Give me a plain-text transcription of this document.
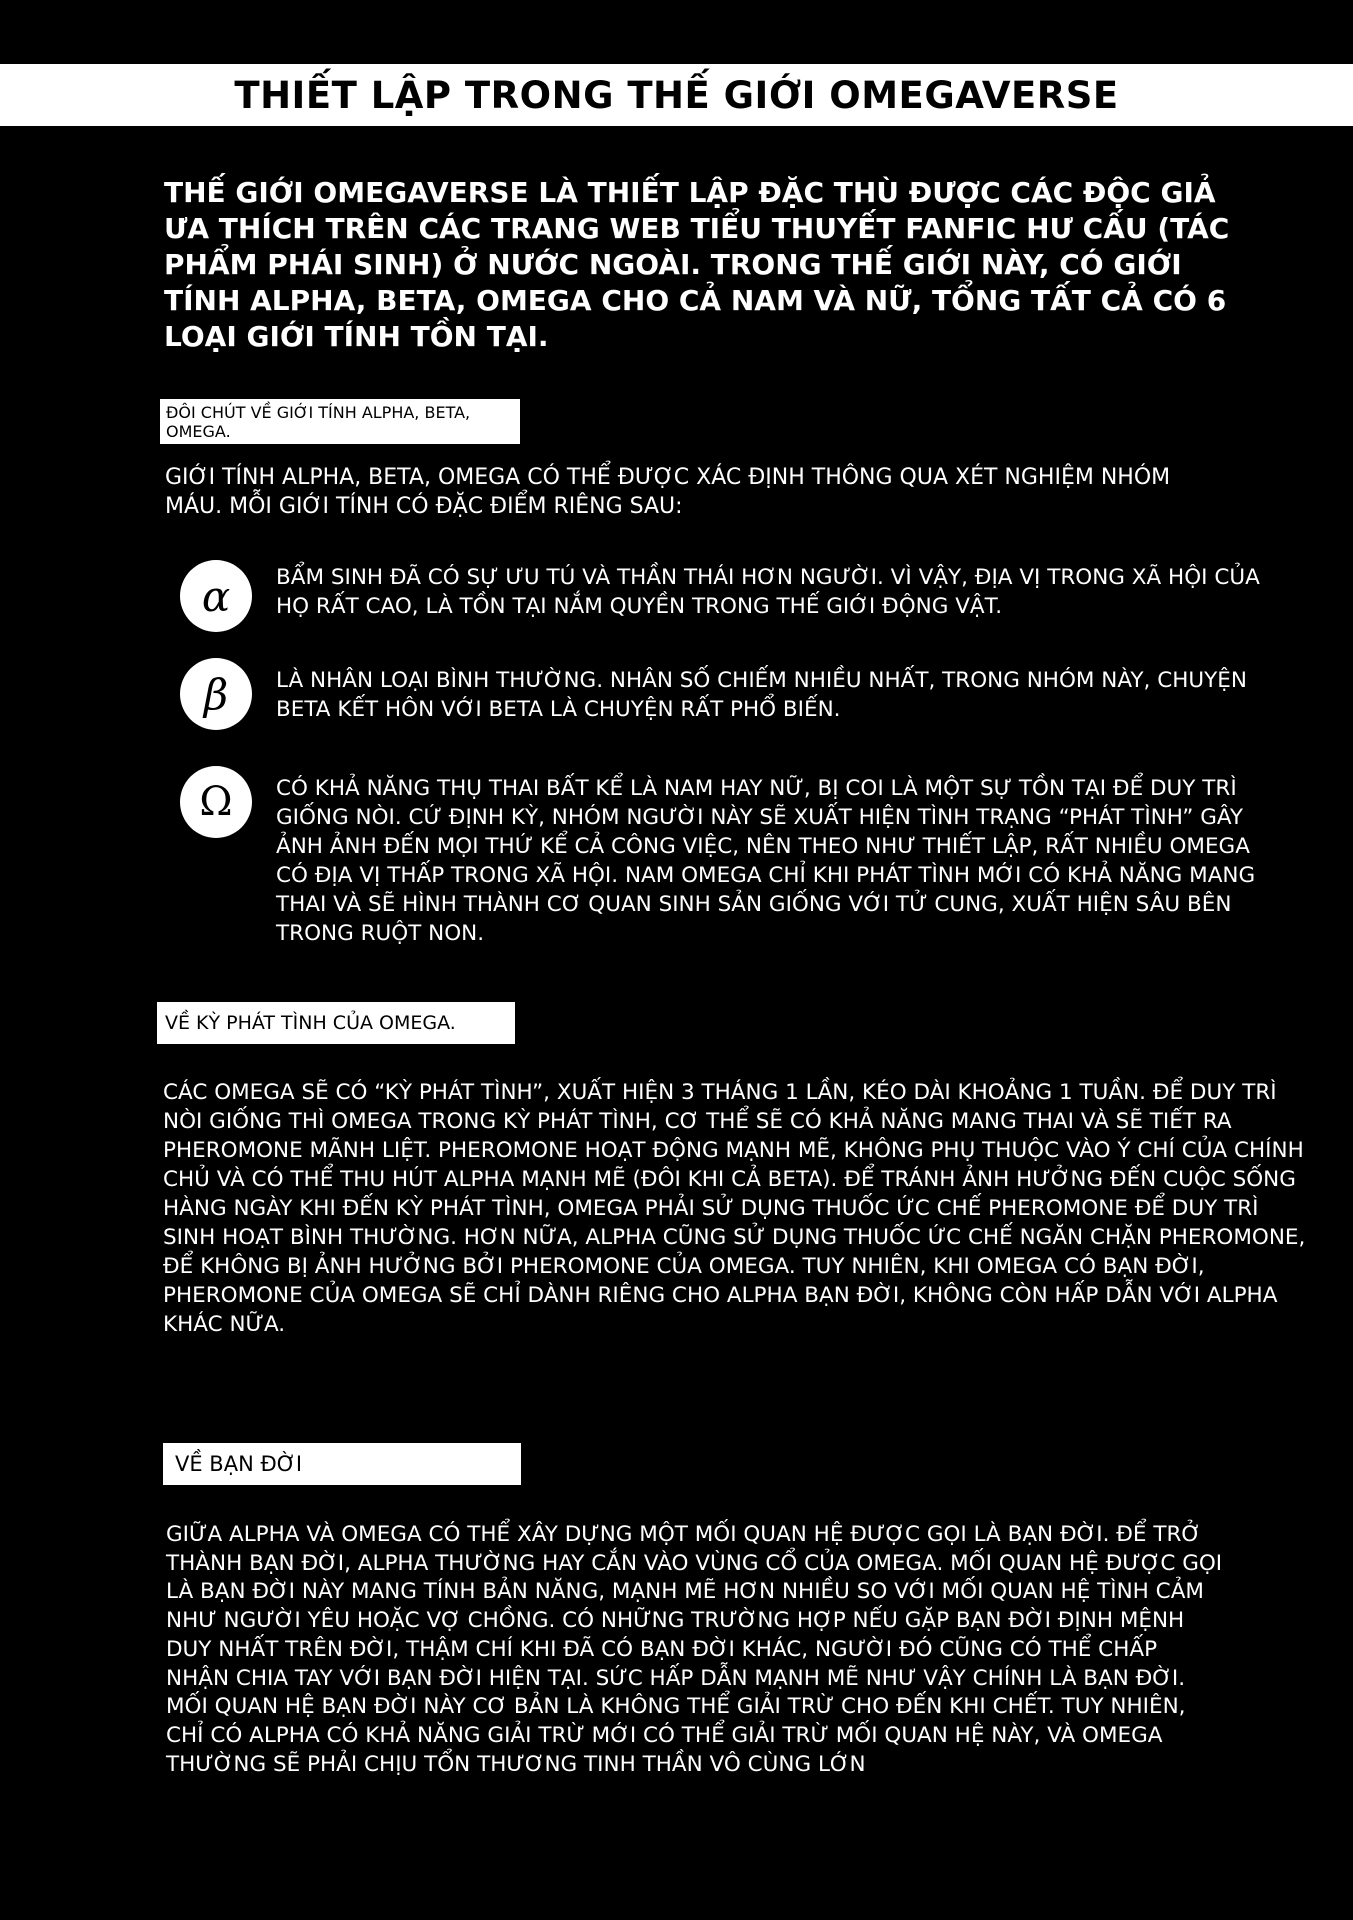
THIẾT LẬP TRONG THẾ GIỚI OMEGAVERSE

THẾ GIỚI OMEGAVERSE LÀ THIẾT LẬP ĐẶC THÙ ĐƯỢC CÁC ĐỘC GIẢ ƯA THÍCH TRÊN CÁC TRANG WEB TIỂU THUYẾT FANFIC HƯ CẤU (TÁC PHẨM PHÁI SINH) Ở NƯỚC NGOÀI. TRONG THẾ GIỚI NÀY, CÓ GIỚI TÍNH ALPHA, BETA, OMEGA CHO CẢ NAM VÀ NỮ, TỔNG TẤT CẢ CÓ 6 LOẠI GIỚI TÍNH TỒN TẠI.

ĐÔI CHÚT VỀ GIỚI TÍNH ALPHA, BETA, OMEGA.

GIỚI TÍNH ALPHA, BETA, OMEGA CÓ THỂ ĐƯỢC XÁC ĐỊNH THÔNG QUA XÉT NGHIỆM NHÓM MÁU. MỖI GIỚI TÍNH CÓ ĐẶC ĐIỂM RIÊNG SAU:

α	BẨM SINH ĐÃ CÓ SỰ ƯU TÚ VÀ THẦN THÁI HƠN NGƯỜI. VÌ VẬY, ĐỊA VỊ TRONG XÃ HỘI CỦA HỌ RẤT CAO, LÀ TỒN TẠI NẮM QUYỀN TRONG THẾ GIỚI ĐỘNG VẬT.

β	LÀ NHÂN LOẠI BÌNH THƯỜNG. NHÂN SỐ CHIẾM NHIỀU NHẤT, TRONG NHÓM NÀY, CHUYỆN BETA KẾT HÔN VỚI BETA LÀ CHUYỆN RẤT PHỔ BIẾN.

Ω	CÓ KHẢ NĂNG THỤ THAI BẤT KỂ LÀ NAM HAY NỮ, BỊ COI LÀ MỘT SỰ TỒN TẠI ĐỂ DUY TRÌ GIỐNG NÒI. CỨ ĐỊNH KỲ, NHÓM NGƯỜI NÀY SẼ XUẤT HIỆN TÌNH TRẠNG “PHÁT TÌNH” GÂY ẢNH ẢNH ĐẾN MỌI THỨ KỂ CẢ CÔNG VIỆC, NÊN THEO NHƯ THIẾT LẬP, RẤT NHIỀU OMEGA CÓ ĐỊA VỊ THẤP TRONG XÃ HỘI. NAM OMEGA CHỈ KHI PHÁT TÌNH MỚI CÓ KHẢ NĂNG MANG THAI VÀ SẼ HÌNH THÀNH CƠ QUAN SINH SẢN GIỐNG VỚI TỬ CUNG, XUẤT HIỆN SÂU BÊN TRONG RUỘT NON.

VỀ KỲ PHÁT TÌNH CỦA OMEGA.

CÁC OMEGA SẼ CÓ “KỲ PHÁT TÌNH”, XUẤT HIỆN 3 THÁNG 1 LẦN, KÉO DÀI KHOẢNG 1 TUẦN. ĐỂ DUY TRÌ NÒI GIỐNG THÌ OMEGA TRONG KỲ PHÁT TÌNH, CƠ THỂ SẼ CÓ KHẢ NĂNG MANG THAI VÀ SẼ TIẾT RA PHEROMONE MÃNH LIỆT. PHEROMONE HOẠT ĐỘNG MẠNH MẼ, KHÔNG PHỤ THUỘC VÀO Ý CHÍ CỦA CHÍNH CHỦ VÀ CÓ THỂ THU HÚT ALPHA MẠNH MẼ (ĐÔI KHI CẢ BETA). ĐỂ TRÁNH ẢNH HƯỞNG ĐẾN CUỘC SỐNG HÀNG NGÀY KHI ĐẾN KỲ PHÁT TÌNH, OMEGA PHẢI SỬ DỤNG THUỐC ỨC CHẾ PHEROMONE ĐỂ DUY TRÌ SINH HOẠT BÌNH THƯỜNG. HƠN NỮA, ALPHA CŨNG SỬ DỤNG THUỐC ỨC CHẾ NGĂN CHẶN PHEROMONE, ĐỂ KHÔNG BỊ ẢNH HƯỞNG BỞI PHEROMONE CỦA OMEGA. TUY NHIÊN, KHI OMEGA CÓ BẠN ĐỜI, PHEROMONE CỦA OMEGA SẼ CHỈ DÀNH RIÊNG CHO ALPHA BẠN ĐỜI, KHÔNG CÒN HẤP DẪN VỚI ALPHA KHÁC NỮA.

VỀ BẠN ĐỜI

GIỮA ALPHA VÀ OMEGA CÓ THỂ XÂY DỰNG MỘT MỐI QUAN HỆ ĐƯỢC GỌI LÀ BẠN ĐỜI. ĐỂ TRỞ THÀNH BẠN ĐỜI, ALPHA THƯỜNG HAY CẮN VÀO VÙNG CỔ CỦA OMEGA. MỐI QUAN HỆ ĐƯỢC GỌI LÀ BẠN ĐỜI NÀY MANG TÍNH BẢN NĂNG, MẠNH MẼ HƠN NHIỀU SO VỚI MỐI QUAN HỆ TÌNH CẢM NHƯ NGƯỜI YÊU HOẶC VỢ CHỒNG. CÓ NHỮNG TRƯỜNG HỢP NẾU GẶP BẠN ĐỜI ĐỊNH MỆNH DUY NHẤT TRÊN ĐỜI, THẬM CHÍ KHI ĐÃ CÓ BẠN ĐỜI KHÁC, NGƯỜI ĐÓ CŨNG CÓ THỂ CHẤP NHẬN CHIA TAY VỚI BẠN ĐỜI HIỆN TẠI. SỨC HẤP DẪN MẠNH MẼ NHƯ VẬY CHÍNH LÀ BẠN ĐỜI. MỐI QUAN HỆ BẠN ĐỜI NÀY CƠ BẢN LÀ KHÔNG THỂ GIẢI TRỪ CHO ĐẾN KHI CHẾT. TUY NHIÊN, CHỈ CÓ ALPHA CÓ KHẢ NĂNG GIẢI TRỪ MỚI CÓ THỂ GIẢI TRỪ MỐI QUAN HỆ NÀY, VÀ OMEGA THƯỜNG SẼ PHẢI CHỊU TỔN THƯƠNG TINH THẦN VÔ CÙNG LỚN
